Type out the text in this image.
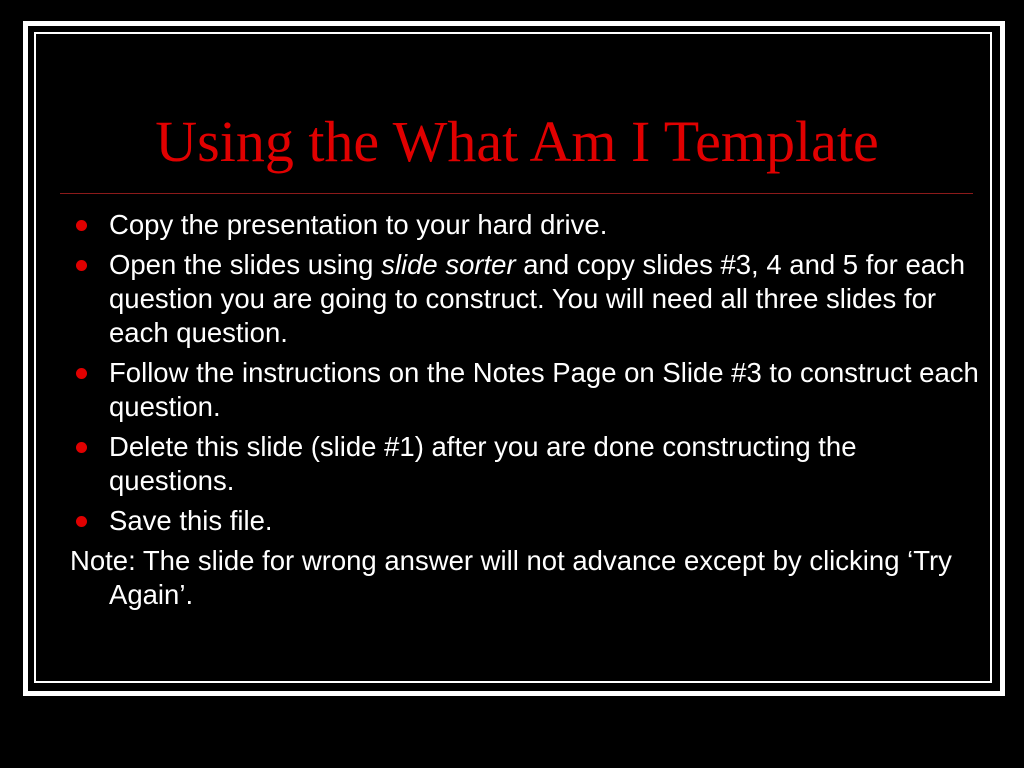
Using the What Am I Template
Copy the presentation to your hard drive.
Open the slides using slide sorter and copy slides #3, 4 and 5 for each question you are going to construct. You will need all three slides for each question.
Follow the instructions on the Notes Page on Slide #3 to construct each question.
Delete this slide (slide #1) after you are done constructing the questions.
Save this file.
Note: The slide for wrong answer will not advance except by clicking ‘Try Again’.
